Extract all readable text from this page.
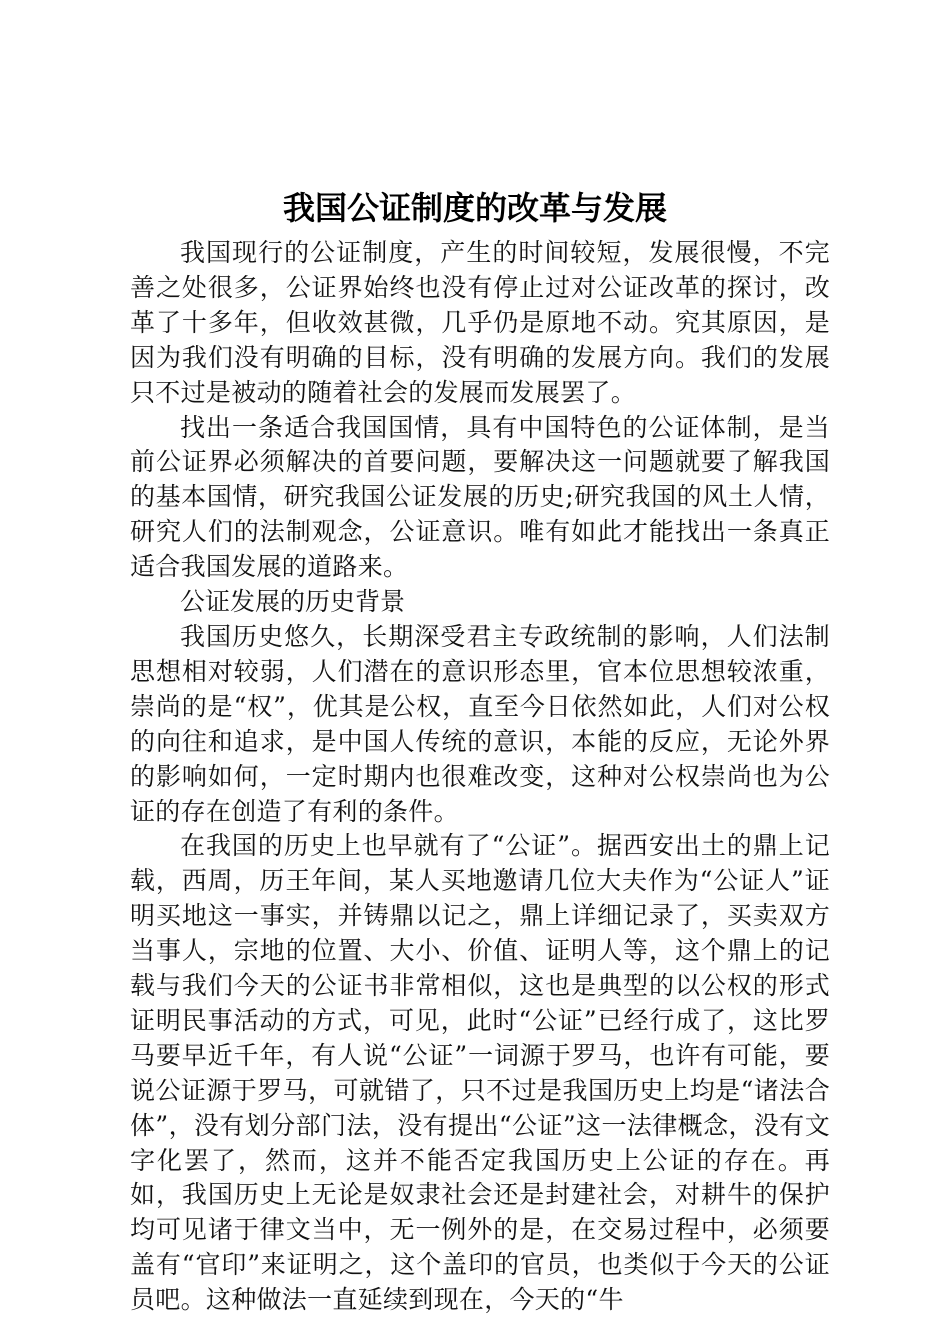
我国公证制度的改革与发展

我国现行的公证制度，产生的时间较短，发展很慢，不完善之处很多，公证界始终也没有停止过对公证改革的探讨，改革了十多年，但收效甚微，几乎仍是原地不动。究其原因，是因为我们没有明确的目标，没有明确的发展方向。我们的发展只不过是被动的随着社会的发展而发展罢了。

找出一条适合我国国情，具有中国特色的公证体制，是当前公证界必须解决的首要问题，要解决这一问题就要了解我国的基本国情，研究我国公证发展的历史;研究我国的风土人情，研究人们的法制观念，公证意识。唯有如此才能找出一条真正适合我国发展的道路来。

公证发展的历史背景

我国历史悠久，长期深受君主专政统制的影响，人们法制思想相对较弱，人们潜在的意识形态里，官本位思想较浓重，崇尚的是“权”，优其是公权，直至今日依然如此，人们对公权的向往和追求，是中国人传统的意识，本能的反应，无论外界的影响如何，一定时期内也很难改变，这种对公权崇尚也为公证的存在创造了有利的条件。

在我国的历史上也早就有了“公证”。据西安出土的鼎上记载，西周，历王年间，某人买地邀请几位大夫作为“公证人”证明买地这一事实，并铸鼎以记之，鼎上详细记录了，买卖双方当事人，宗地的位置、大小、价值、证明人等，这个鼎上的记载与我们今天的公证书非常相似，这也是典型的以公权的形式证明民事活动的方式，可见，此时“公证”已经行成了，这比罗马要早近千年，有人说“公证”一词源于罗马，也许有可能，要说公证源于罗马，可就错了，只不过是我国历史上均是“诸法合体”，没有划分部门法，没有提出“公证”这一法律概念，没有文字化罢了，然而，这并不能否定我国历史上公证的存在。再如，我国历史上无论是奴隶社会还是封建社会，对耕牛的保护均可见诸于律文当中，无一例外的是，在交易过程中，必须要盖有“官印”来证明之，这个盖印的官员，也类似于今天的公证员吧。这种做法一直延续到现在，今天的“牛
